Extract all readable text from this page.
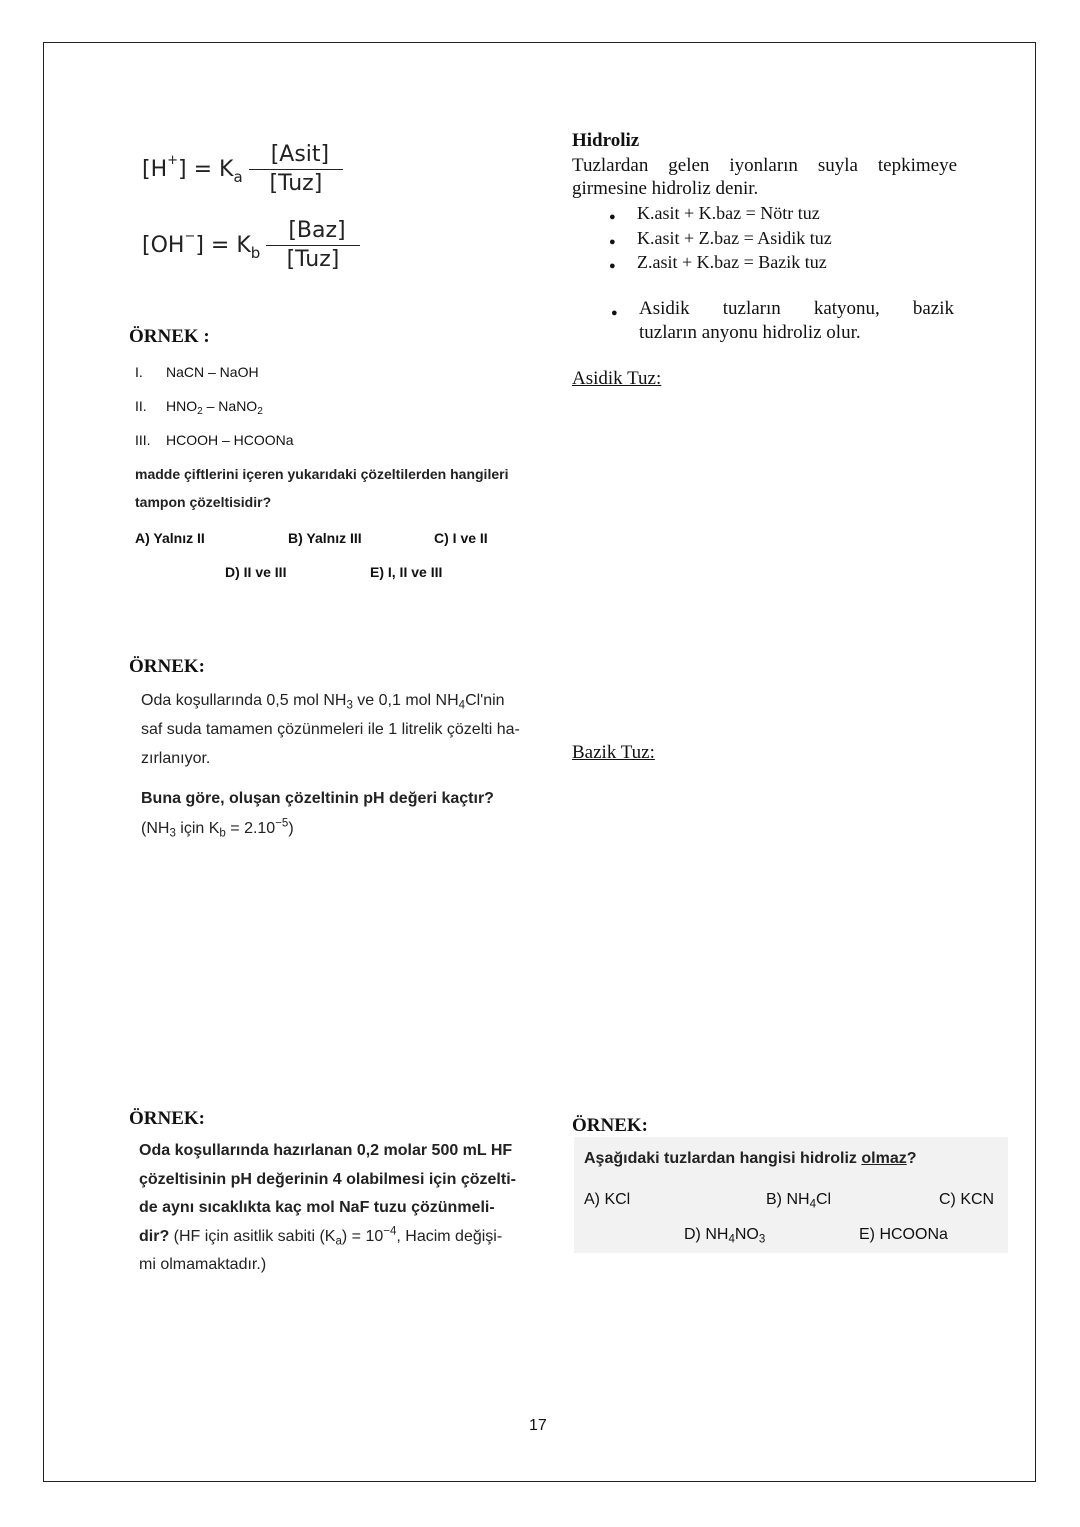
[H + ] = K a $\frac{\text{[Asit]}}{\text{[Tuz]}}$
[OH − ] = K b $\frac{\text{[Baz]}}{\text{[Tuz]}}$
ÖRNEK :
I. NaCN – NaOH
II. $HNO_2$ – NaNO$_2$
III. HCOOH – HCOONa
madde çiftlerini içeren yukarıdaki çözeltilerden hangileri
tampon çözeltisidir?
A) Yalnız II	B) Yalnız III	C) I ve II
D) II ve III	E) I, II ve III
ÖRNEK:
Oda koşullarında 0,5 mol $NH_3$ ve 0,1 mol $NH_4Cl'nin$
saf suda tamamen çözünmeleri ile 1 litrelik çözelti ha-
zırlanıyor.
Buna göre, oluşan çözeltinin pH değeri kaçtır?
($NH_3$ için $K_b = 2.10^{-5}$)
ÖRNEK:
Oda koşullarında hazırlanan 0,2 molar 500 mL HF
çözeltisinin pH değerinin 4 olabilmesi için çözelti-
de aynı sıcaklıkta kaç mol NaF tuzu çözünmeli-
dir? (HF için asitlik sabiti $(K_a) = 10^{-4}$, Hacim değişi-
mi olmamaktadır.)
Hidroliz
Tuzlardan gelen iyonların suyla tepkimeye
girmesine hidroliz denir.
● K.asit + K.baz = Nötr tuz
● K.asit + Z.baz = Asidik tuz
● Z.asit + K.baz = Bazik tuz
● Asidik tuzların katyonu, bazik
tuzların anyonu hidroliz olur.
Asidik Tuz:
Bazik Tuz:
ÖRNEK:
Aşağıdaki tuzlardan hangisi hidroliz olmaz?
A) KCl	B) $NH_4Cl$	C) KCN
D) $NH_4NO_3$	E) HCOONa
17
